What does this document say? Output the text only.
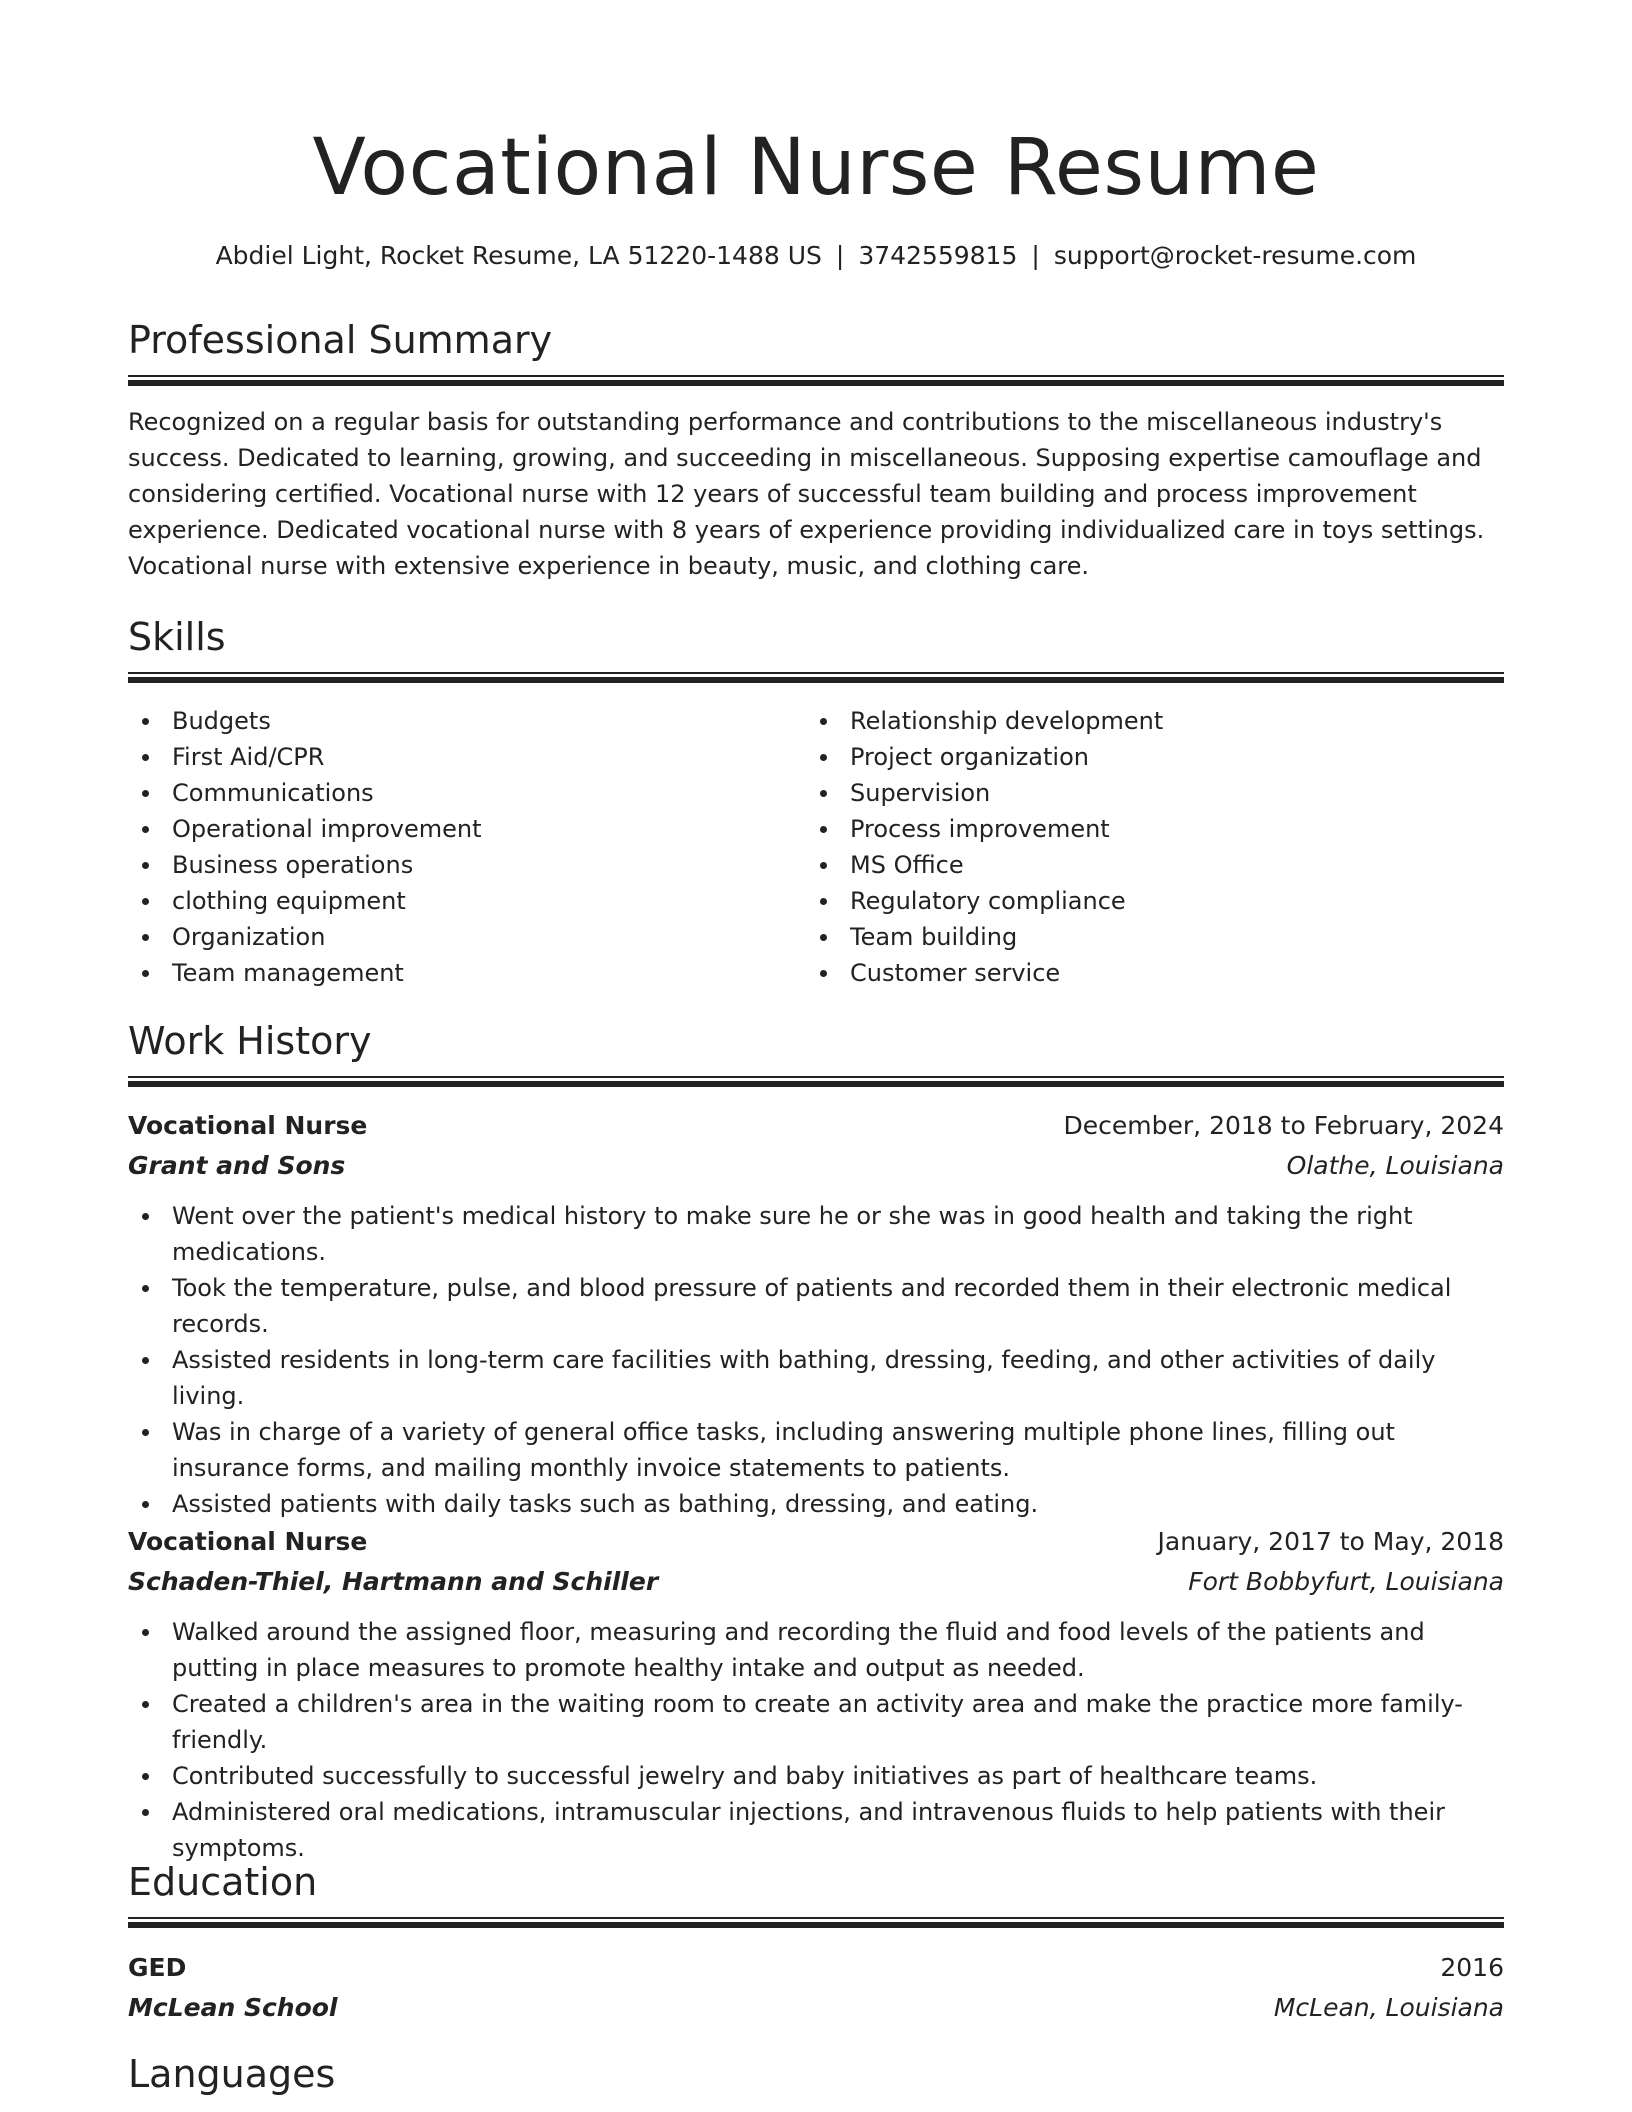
Vocational Nurse Resume
Abdiel Light, Rocket Resume, LA 51220-1488 US | 3742559815 | support@rocket-resume.com
Professional Summary

Recognized on a regular basis for outstanding performance and contributions to the miscellaneous industry's success. Dedicated to learning, growing, and succeeding in miscellaneous. Supposing expertise camouflage and considering certified. Vocational nurse with 12 years of successful team building and process improvement experience. Dedicated vocational nurse with 8 years of experience providing individualized care in toys settings. Vocational nurse with extensive experience in beauty, music, and clothing care.

Skills
Budgets
First Aid/CPR
Communications
Operational improvement
Business operations
clothing equipment
Organization
Team management
Relationship development
Project organization
Supervision
Process improvement
MS Office
Regulatory compliance
Team building
Customer service
Work History
Vocational Nurse	December, 2018 to February, 2024
Grant and Sons	Olathe, Louisiana
Went over the patient's medical history to make sure he or she was in good health and taking the right medications.
Took the temperature, pulse, and blood pressure of patients and recorded them in their electronic medical records.
Assisted residents in long-term care facilities with bathing, dressing, feeding, and other activities of daily living.
Was in charge of a variety of general office tasks, including answering multiple phone lines, filling out insurance forms, and mailing monthly invoice statements to patients.
Assisted patients with daily tasks such as bathing, dressing, and eating.
Vocational Nurse	January, 2017 to May, 2018
Schaden-Thiel, Hartmann and Schiller	Fort Bobbyfurt, Louisiana
Walked around the assigned floor, measuring and recording the fluid and food levels of the patients and putting in place measures to promote healthy intake and output as needed.
Created a children's area in the waiting room to create an activity area and make the practice more family-friendly.
Contributed successfully to successful jewelry and baby initiatives as part of healthcare teams.
Administered oral medications, intramuscular injections, and intravenous fluids to help patients with their symptoms.
Education
GED	2016
McLean School	McLean, Louisiana
Languages
